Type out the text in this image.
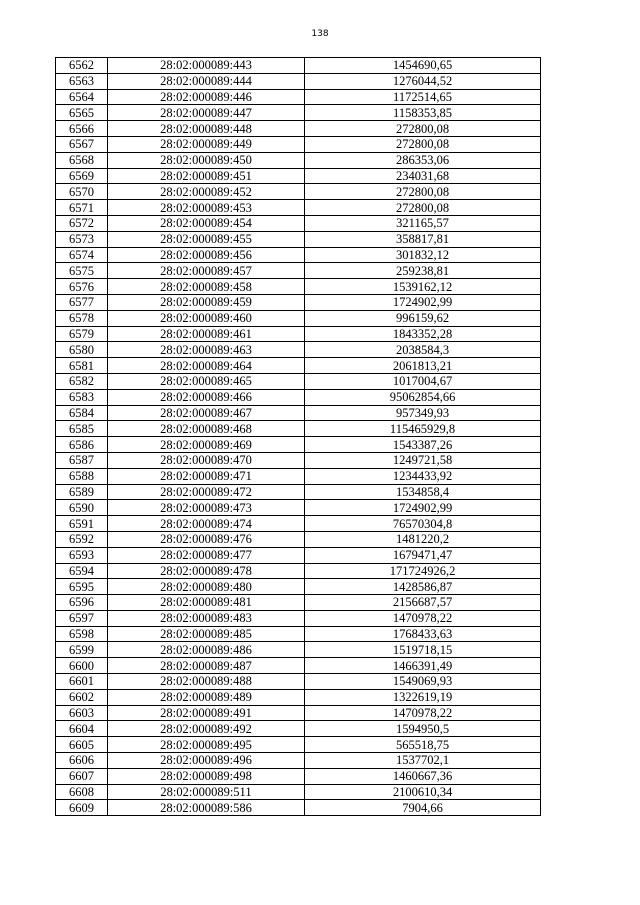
138
6562	28:02:000089:443	1454690,65
6563	28:02:000089:444	1276044,52
6564	28:02:000089:446	1172514,65
6565	28:02:000089:447	1158353,85
6566	28:02:000089:448	272800,08
6567	28:02:000089:449	272800,08
6568	28:02:000089:450	286353,06
6569	28:02:000089:451	234031,68
6570	28:02:000089:452	272800,08
6571	28:02:000089:453	272800,08
6572	28:02:000089:454	321165,57
6573	28:02:000089:455	358817,81
6574	28:02:000089:456	301832,12
6575	28:02:000089:457	259238,81
6576	28:02:000089:458	1539162,12
6577	28:02:000089:459	1724902,99
6578	28:02:000089:460	996159,62
6579	28:02:000089:461	1843352,28
6580	28:02:000089:463	2038584,3
6581	28:02:000089:464	2061813,21
6582	28:02:000089:465	1017004,67
6583	28:02:000089:466	95062854,66
6584	28:02:000089:467	957349,93
6585	28:02:000089:468	115465929,8
6586	28:02:000089:469	1543387,26
6587	28:02:000089:470	1249721,58
6588	28:02:000089:471	1234433,92
6589	28:02:000089:472	1534858,4
6590	28:02:000089:473	1724902,99
6591	28:02:000089:474	76570304,8
6592	28:02:000089:476	1481220,2
6593	28:02:000089:477	1679471,47
6594	28:02:000089:478	171724926,2
6595	28:02:000089:480	1428586,87
6596	28:02:000089:481	2156687,57
6597	28:02:000089:483	1470978,22
6598	28:02:000089:485	1768433,63
6599	28:02:000089:486	1519718,15
6600	28:02:000089:487	1466391,49
6601	28:02:000089:488	1549069,93
6602	28:02:000089:489	1322619,19
6603	28:02:000089:491	1470978,22
6604	28:02:000089:492	1594950,5
6605	28:02:000089:495	565518,75
6606	28:02:000089:496	1537702,1
6607	28:02:000089:498	1460667,36
6608	28:02:000089:511	2100610,34
6609	28:02:000089:586	7904,66
